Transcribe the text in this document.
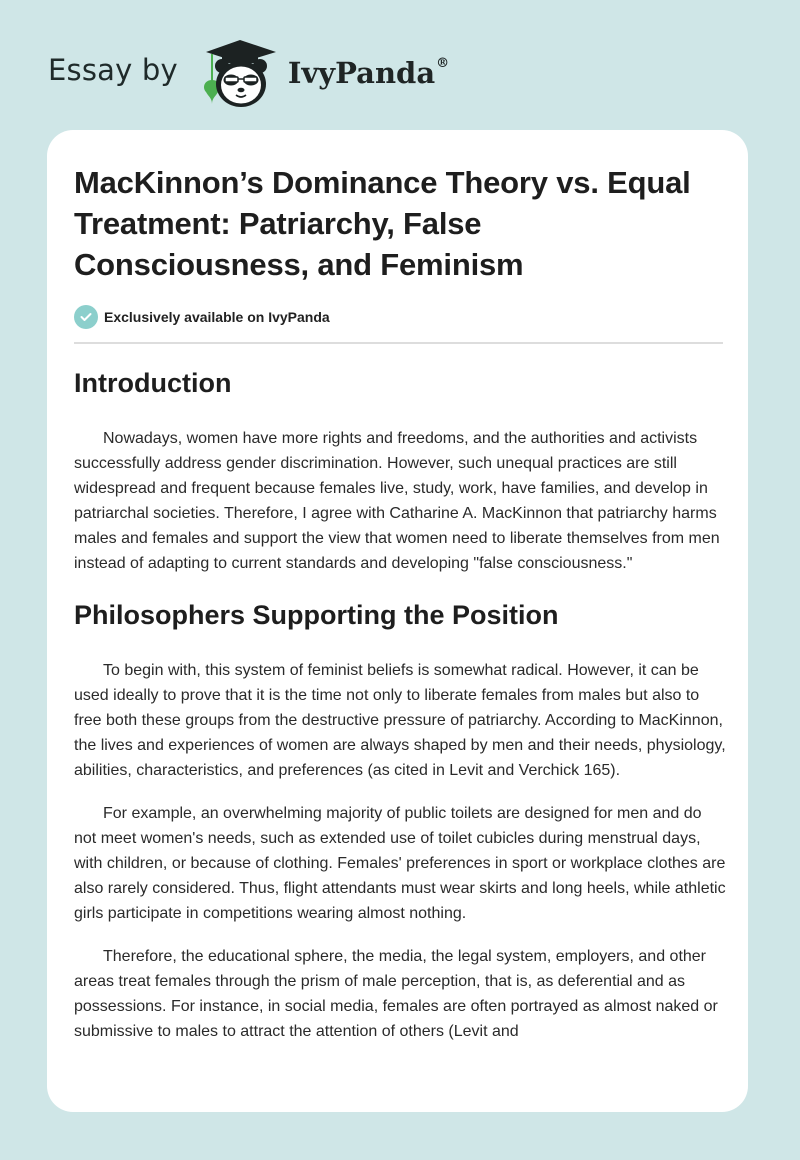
Essay by	IvyPanda®
MacKinnon’s Dominance Theory vs. Equal Treatment: Patriarchy, False Consciousness, and Feminism
Exclusively available on IvyPanda
Introduction

Nowadays, women have more rights and freedoms, and the authorities and activists successfully address gender discrimination. However, such unequal practices are still widespread and frequent because females live, study, work, have families, and develop in patriarchal societies. Therefore, I agree with Catharine A. MacKinnon that patriarchy harms males and females and support the view that women need to liberate themselves from men instead of adapting to current standards and developing "false consciousness."

Philosophers Supporting the Position

To begin with, this system of feminist beliefs is somewhat radical. However, it can be used ideally to prove that it is the time not only to liberate females from males but also to free both these groups from the destructive pressure of patriarchy. According to MacKinnon, the lives and experiences of women are always shaped by men and their needs, physiology, abilities, characteristics, and preferences (as cited in Levit and Verchick 165).

For example, an overwhelming majority of public toilets are designed for men and do not meet women's needs, such as extended use of toilet cubicles during menstrual days, with children, or because of clothing. Females' preferences in sport or workplace clothes are also rarely considered. Thus, flight attendants must wear skirts and long heels, while athletic girls participate in competitions wearing almost nothing.

Therefore, the educational sphere, the media, the legal system, employers, and other areas treat females through the prism of male perception, that is, as deferential and as possessions. For instance, in social media, females are often portrayed as almost naked or submissive to males to attract the attention of others (Levit and
